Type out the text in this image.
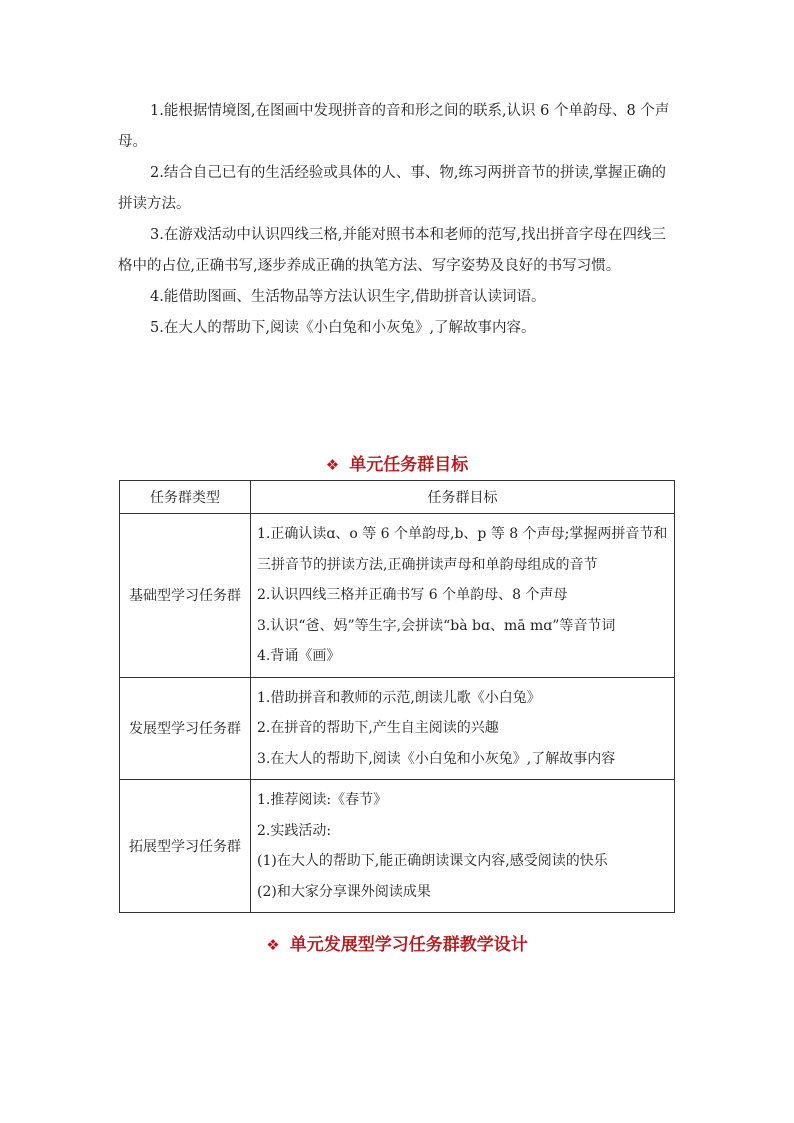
1.能根据情境图,在图画中发现拼音的音和形之间的联系,认识 6 个单韵母、8 个声母。

2.结合自己已有的生活经验或具体的人、事、物,练习两拼音节的拼读,掌握正确的拼读方法。

3.在游戏活动中认识四线三格,并能对照书本和老师的范写,找出拼音字母在四线三格中的占位,正确书写,逐步养成正确的执笔方法、写字姿势及良好的书写习惯。

4.能借助图画、生活物品等方法认识生字,借助拼音认读词语。

5.在大人的帮助下,阅读《小白兔和小灰兔》,了解故事内容。

❖ 单元任务群目标
任务群类型	任务群目标
基础型学习任务群	1.正确认读ɑ、o 等 6 个单韵母,b、p 等 8 个声母;掌握两拼音节和三拼音节的拼读方法,正确拼读声母和单韵母组成的音节
2.认识四线三格并正确书写 6 个单韵母、8 个声母
3.认识“爸、妈”等生字,会拼读“bà bɑ、mā mɑ”等音节词
4.背诵《画》

发展型学习任务群	1.借助拼音和教师的示范,朗读儿歌《小白兔》
2.在拼音的帮助下,产生自主阅读的兴趣
3.在大人的帮助下,阅读《小白兔和小灰兔》,了解故事内容

拓展型学习任务群	1.推荐阅读:《春节》
2.实践活动:
(1)在大人的帮助下,能正确朗读课文内容,感受阅读的快乐
(2)和大家分享课外阅读成果
❖ 单元发展型学习任务群教学设计
